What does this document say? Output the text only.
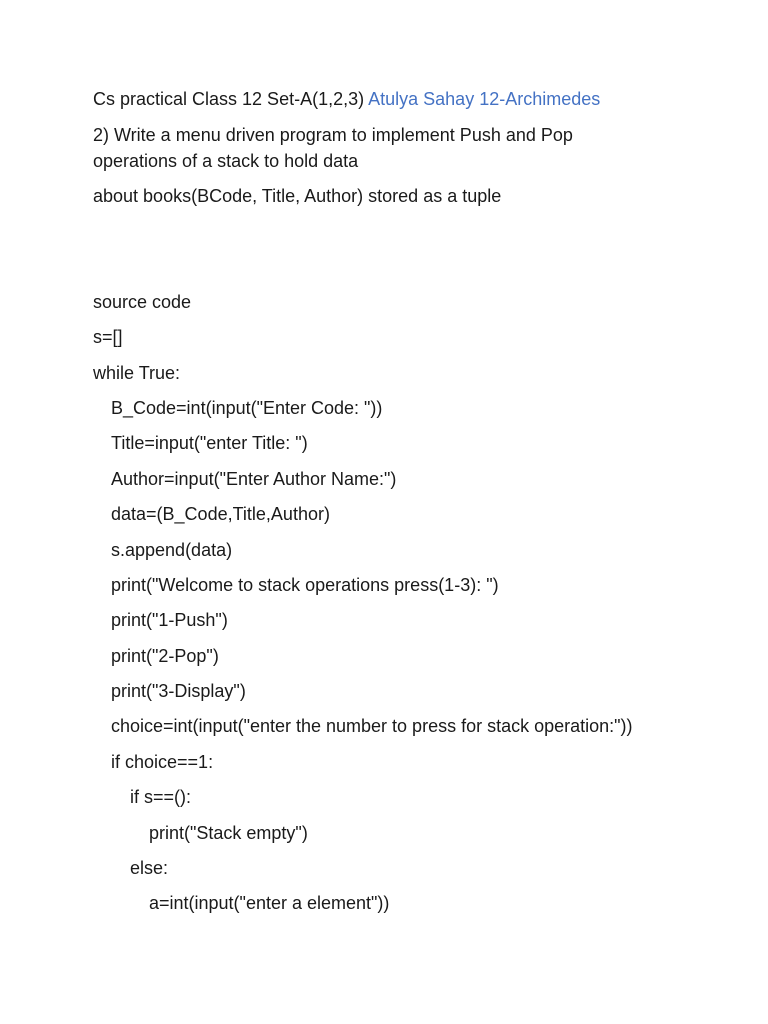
Cs practical Class 12 Set-A(1,2,3) Atulya Sahay 12-Archimedes
2) Write a menu driven program to implement Push and Pop
operations of a stack to hold data
about books(BCode, Title, Author) stored as a tuple
source code
s=[]
while True:
B_Code=int(input("Enter Code: "))
Title=input("enter Title: ")
Author=input("Enter Author Name:")
data=(B_Code,Title,Author)
s.append(data)
print("Welcome to stack operations press(1-3): ")
print("1-Push")
print("2-Pop")
print("3-Display")
choice=int(input("enter the number to press for stack operation:"))
if choice==1:
if s==():
print("Stack empty")
else:
a=int(input("enter a element"))
